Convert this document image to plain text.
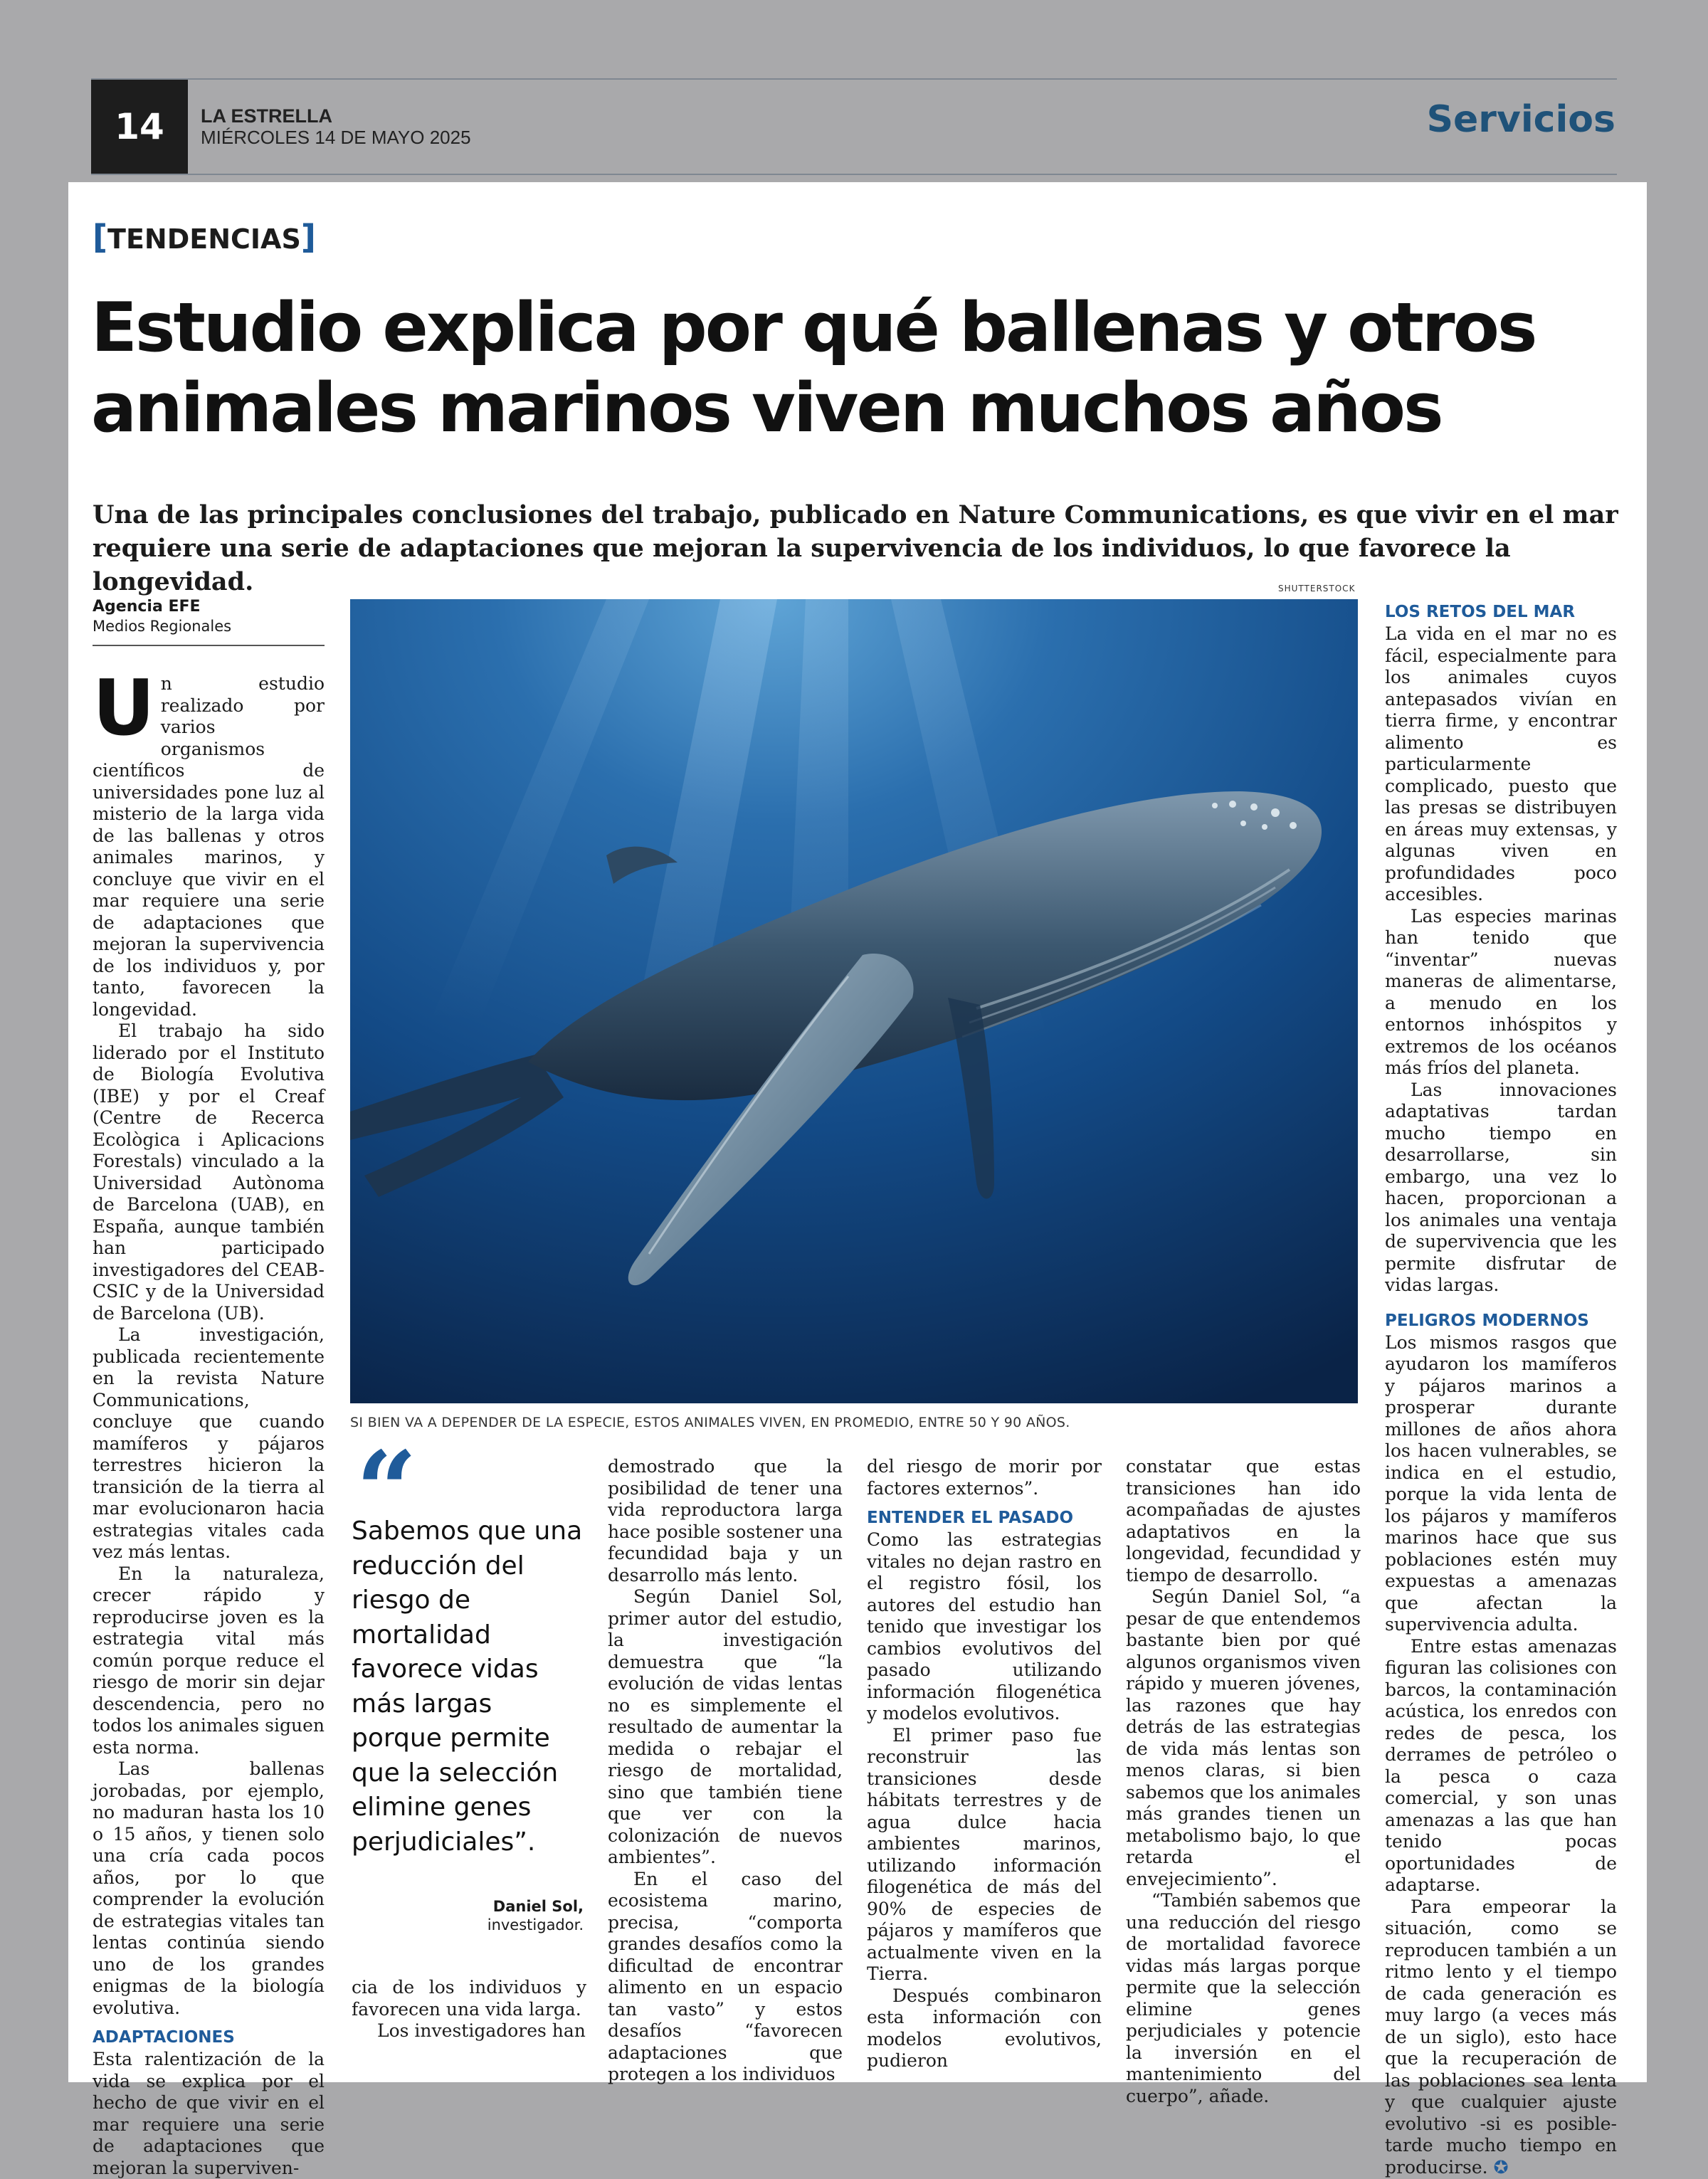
14	LA ESTRELLA
MIÉRCOLES 14 DE MAYO 2025	Servicios
[TENDENCIAS]
Estudio explica por qué ballenas y otros
animales marinos viven muchos años
Una de las principales conclusiones del trabajo, publicado en Nature Communications, es que vivir en el mar requiere una serie de adaptaciones que mejoran la supervivencia de los individuos, lo que favorece la longevidad.
Agencia EFE
Medios Regionales
SHUTTERSTOCK
SI BIEN VA A DEPENDER DE LA ESPECIE, ESTOS ANIMALES VIVEN, EN PROMEDIO, ENTRE 50 Y 90 AÑOS.

Un estudio realizado por varios organismos científicos de universidades pone luz al misterio de la larga vida de las ballenas y otros animales marinos, y concluye que vivir en el mar requiere una serie de adaptaciones que mejoran la supervivencia de los individuos y, por tanto, favorecen la longevidad.

El trabajo ha sido liderado por el Instituto de Biología Evolutiva (IBE) y por el Creaf (Centre de Recerca Ecològica i Aplicacions Forestals) vinculado a la Universidad Autònoma de Barcelona (UAB), en España, aunque también han participado investigadores del CEAB-CSIC y de la Universidad de Barcelona (UB).

La investigación, publicada recientemente en la revista Nature Communications, concluye que cuando mamíferos y pájaros terrestres hicieron la transición de la tierra al mar evolucionaron hacia estrategias vitales cada vez más lentas.

En la naturaleza, crecer rápido y reproducirse joven es la estrategia vital más común porque reduce el riesgo de morir sin dejar descendencia, pero no todos los animales siguen esta norma.

Las ballenas jorobadas, por ejemplo, no maduran hasta los 10 o 15 años, y tienen solo una cría cada pocos años, por lo que comprender la evolución de estrategias vitales tan lentas continúa siendo uno de los grandes enigmas de la biología evolutiva.

ADAPTACIONES

Esta ralentización de la vida se explica por el hecho de que vivir en el mar requiere una serie de adaptaciones que mejoran la superviven-

“
Sabemos que una reducción del riesgo de mortalidad favorece vidas más largas porque permite que la selección elimine genes perjudiciales”.
Daniel Sol,
investigador.

cia de los individuos y favorecen una vida larga.

Los investigadores han

demostrado que la posibilidad de tener una vida reproductora larga hace posible sostener una fecundidad baja y un desarrollo más lento.

Según Daniel Sol, primer autor del estudio, la investigación demuestra que “la evolución de vidas lentas no es simplemente el resultado de aumentar la medida o rebajar el riesgo de mortalidad, sino que también tiene que ver con la colonización de nuevos ambientes”.

En el caso del ecosistema marino, precisa, “comporta grandes desafíos como la dificultad de encontrar alimento en un espacio tan vasto” y estos desafíos “favorecen adaptaciones que protegen a los individuos

del riesgo de morir por factores externos”.

ENTENDER EL PASADO

Como las estrategias vitales no dejan rastro en el registro fósil, los autores del estudio han tenido que investigar los cambios evolutivos del pasado utilizando información filogenética y modelos evolutivos.

El primer paso fue reconstruir las transiciones desde hábitats terrestres y de agua dulce hacia ambientes marinos, utilizando información filogenética de más del 90% de especies de pájaros y mamíferos que actualmente viven en la Tierra.

Después combinaron esta información con modelos evolutivos, pudieron

constatar que estas transiciones han ido acompañadas de ajustes adaptativos en la longevidad, fecundidad y tiempo de desarrollo.

Según Daniel Sol, “a pesar de que entendemos bastante bien por qué algunos organismos viven rápido y mueren jóvenes, las razones que hay detrás de las estrategias de vida más lentas son menos claras, si bien sabemos que los animales más grandes tienen un metabolismo bajo, lo que retarda el envejecimiento”.

“También sabemos que una reducción del riesgo de mortalidad favorece vidas más largas porque permite que la selección elimine genes perjudiciales y potencie la inversión en el mantenimiento del cuerpo”, añade.

LOS RETOS DEL MAR

La vida en el mar no es fácil, especialmente para los animales cuyos antepasados vivían en tierra firme, y encontrar alimento es particularmente complicado, puesto que las presas se distribuyen en áreas muy extensas, y algunas viven en profundidades poco accesibles.

Las especies marinas han tenido que “inventar” nuevas maneras de alimentarse, a menudo en los entornos inhóspitos y extremos de los océanos más fríos del planeta.

Las innovaciones adaptativas tardan mucho tiempo en desarrollarse, sin embargo, una vez lo hacen, proporcionan a los animales una ventaja de supervivencia que les permite disfrutar de vidas largas.

PELIGROS MODERNOS

Los mismos rasgos que ayudaron los mamíferos y pájaros marinos a prosperar durante millones de años ahora los hacen vulnerables, se indica en el estudio, porque la vida lenta de los pájaros y mamíferos marinos hace que sus poblaciones estén muy expuestas a amenazas que afectan la supervivencia adulta.

Entre estas amenazas figuran las colisiones con barcos, la contaminación acústica, los enredos con redes de pesca, los derrames de petróleo o la pesca o caza comercial, y son unas amenazas a las que han tenido pocas oportunidades de adaptarse.

Para empeorar la situación, como se reproducen también a un ritmo lento y el tiempo de cada generación es muy largo (a veces más de un siglo), esto hace que la recuperación de las poblaciones sea lenta y que cualquier ajuste evolutivo -si es posible- tarde mucho tiempo en producirse. ✪
